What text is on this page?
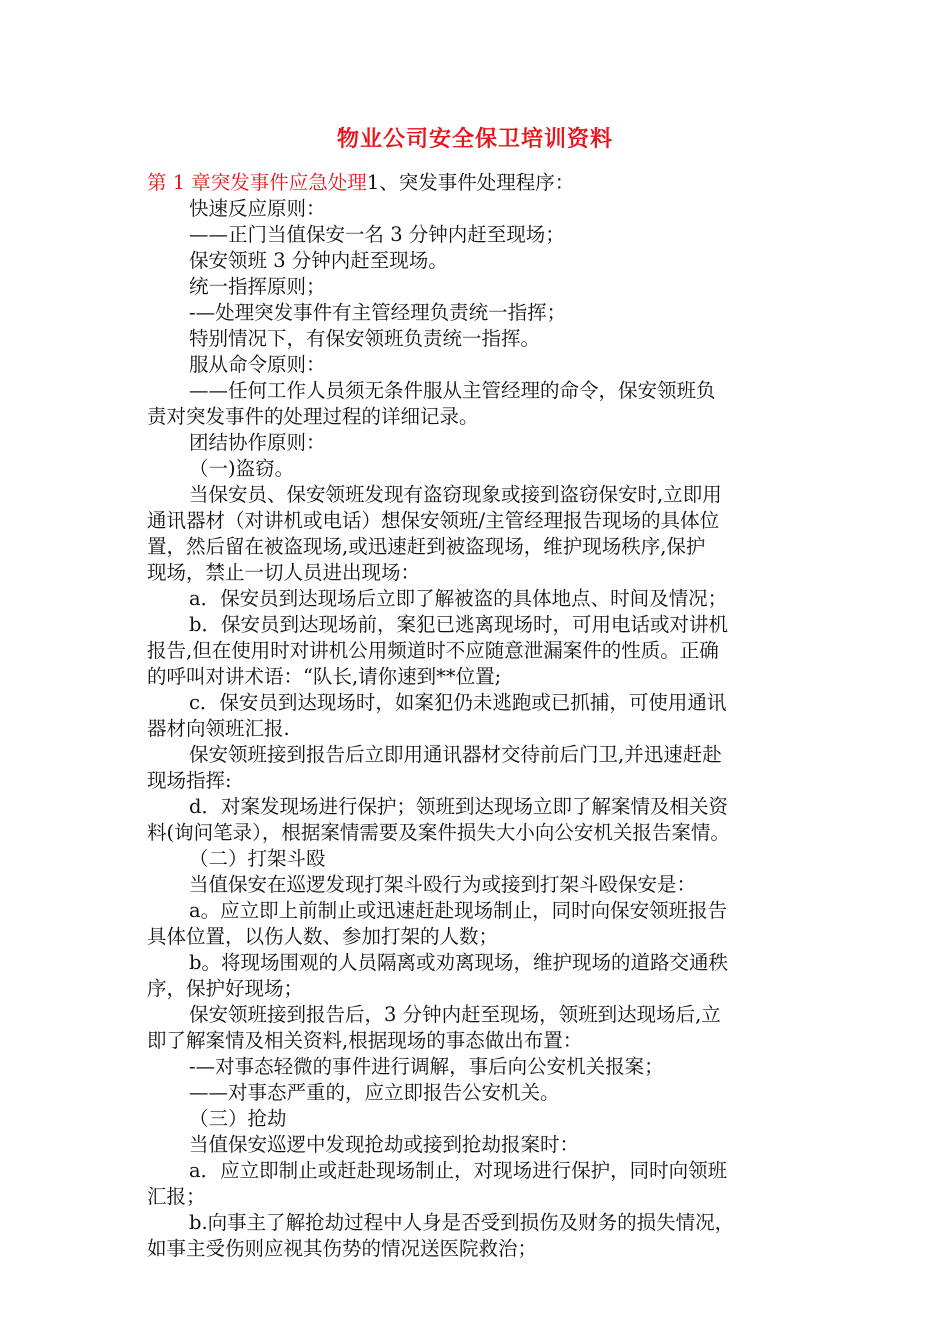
物业公司安全保卫培训资料

第 1 章突发事件应急处理1、突发事件处理程序：

快速反应原则：

——正门当值保安一名 3 分钟内赶至现场；

保安领班 3 分钟内赶至现场。

统一指挥原则；

-—处理突发事件有主管经理负责统一指挥；

特别情况下，有保安领班负责统一指挥。

服从命令原则：

——任何工作人员须无条件服从主管经理的命令，保安领班负

责对突发事件的处理过程的详细记录。

团结协作原则：

（一)盗窃。

当保安员、保安领班发现有盗窃现象或接到盗窃保安时,立即用

通讯器材（对讲机或电话）想保安领班/主管经理报告现场的具体位

置，然后留在被盗现场,或迅速赶到被盗现场，维护现场秩序,保护

现场，禁止一切人员进出现场：

a．保安员到达现场后立即了解被盗的具体地点、时间及情况；

b．保安员到达现场前，案犯已逃离现场时，可用电话或对讲机

报告,但在使用时对讲机公用频道时不应随意泄漏案件的性质。正确

的呼叫对讲术语：“队长,请你速到**位置;

c．保安员到达现场时，如案犯仍未逃跑或已抓捕，可使用通讯

器材向领班汇报.

保安领班接到报告后立即用通讯器材交待前后门卫,并迅速赶赴

现场指挥:

d．对案发现场进行保护；领班到达现场立即了解案情及相关资

料(询问笔录），根据案情需要及案件损失大小向公安机关报告案情。

（二）打架斗殴

当值保安在巡逻发现打架斗殴行为或接到打架斗殴保安是：

a。应立即上前制止或迅速赶赴现场制止，同时向保安领班报告

具体位置，以伤人数、参加打架的人数；

b。将现场围观的人员隔离或劝离现场，维护现场的道路交通秩

序，保护好现场；

保安领班接到报告后，3 分钟内赶至现场，领班到达现场后,立

即了解案情及相关资料,根据现场的事态做出布置：

-—对事态轻微的事件进行调解，事后向公安机关报案；

——对事态严重的，应立即报告公安机关。

（三）抢劫

当值保安巡逻中发现抢劫或接到抢劫报案时：

a．应立即制止或赶赴现场制止，对现场进行保护，同时向领班

汇报；

b.向事主了解抢劫过程中人身是否受到损伤及财务的损失情况，

如事主受伤则应视其伤势的情况送医院救治；
